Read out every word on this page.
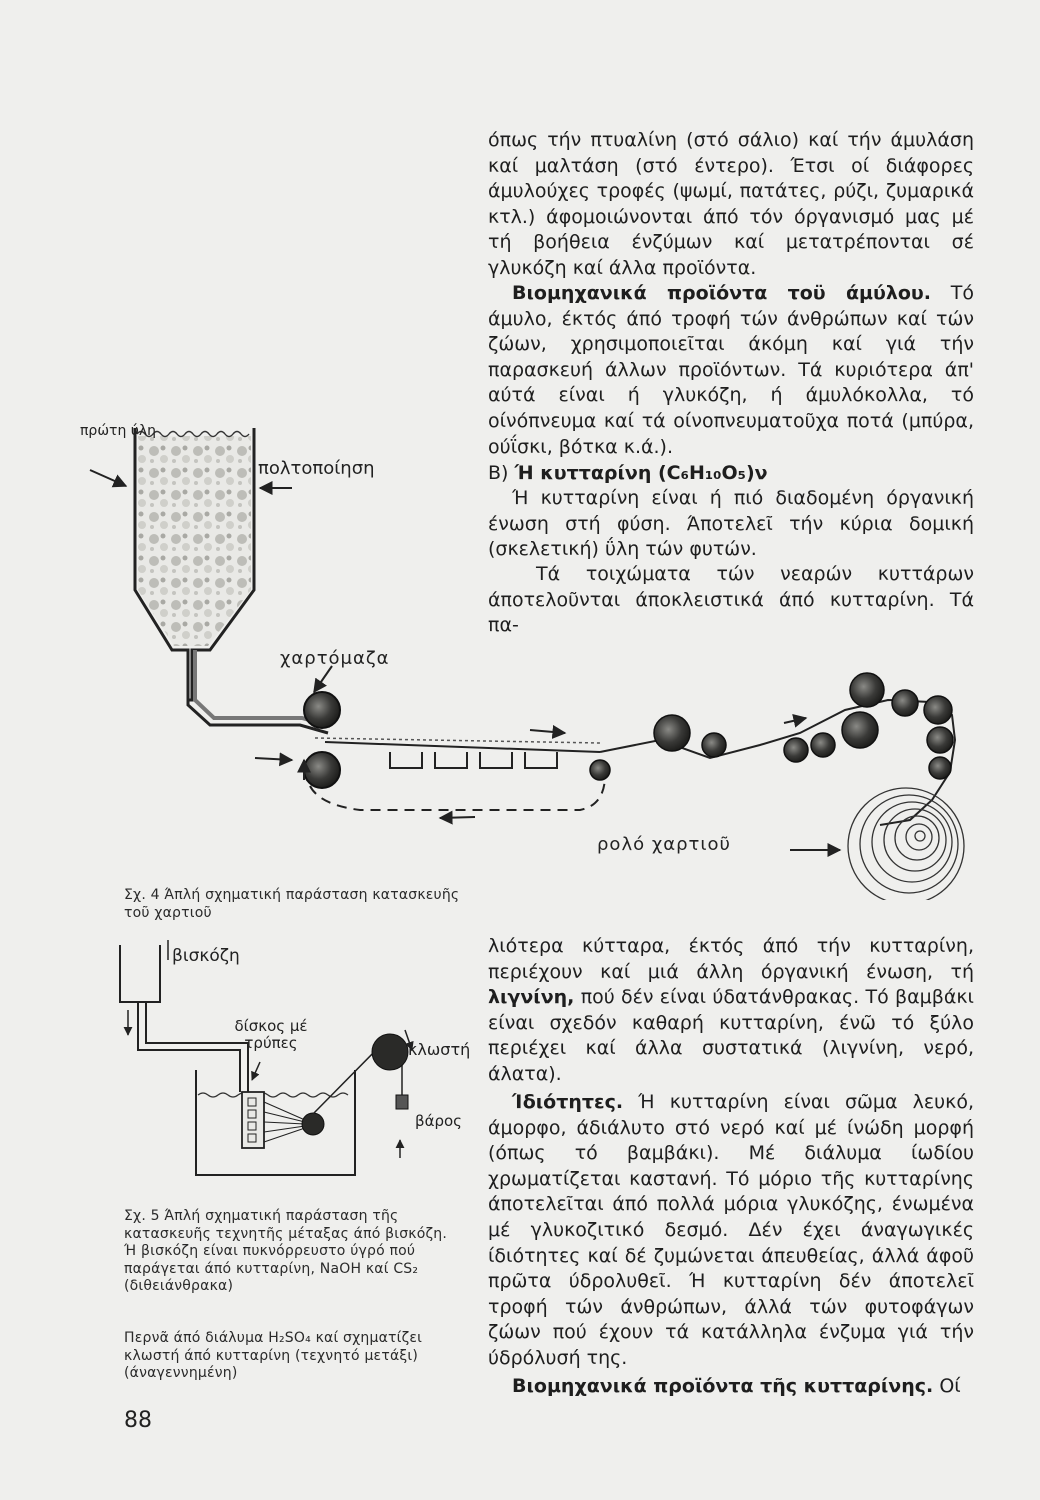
όπως τήν πτυαλίνη (στό σάλιο) καί τήν άμυλάση καί μαλτάση (στό έντερο). Έτσι οί διάφορες άμυλούχες τροφές (ψωμί, πατάτες, ρύζι, ζυμαρικά κτλ.) άφομοιώνονται άπό τόν όργανισμό μας μέ τή βοήθεια ένζύμων καί μετατρέπονται σέ γλυκόζη καί άλλα προϊόντα.

Βιομηχανικά προϊόντα τοϋ άμύλου. Τό άμυλο, έκτός άπό τροφή τών άνθρώπων καί τών ζώων, χρησιμοποιεῖται άκόμη καί γιά τήν παρασκευή άλλων προϊόντων. Τά κυριότερα άπ' αύτά είναι ή γλυκόζη, ή άμυλόκολλα, τό οίνόπνευμα καί τά οίνοπνευματοῦχα ποτά (μπύρα, ούΐσκι, βότκα κ.ά.).

Β) Ή κυτταρίνη (C₆H₁₀O₅)ν

Ή κυτταρίνη είναι ή πιό διαδομένη όργανική ένωση στή φύση. Άποτελεῖ τήν κύρια δομική (σκελετική) ΰλη τών φυτών.

Τά τοιχώματα τών νεαρών κυττάρων άποτελοῦνται άποκλειστικά άπό κυτταρίνη. Τά πα-

λιότερα κύτταρα, έκτός άπό τήν κυτταρίνη, περιέχουν καί μιά άλλη όργανική ένωση, τή λιγνίνη, πού δέν είναι ύδατάνθρακας. Τό βαμβάκι είναι σχεδόν καθαρή κυτταρίνη, ένῶ τό ξύλο περιέχει καί άλλα συστατικά (λιγνίνη, νερό, άλατα).

Ίδιότητες. Ή κυτταρίνη είναι σῶμα λευκό, άμορφο, άδιάλυτο στό νερό καί μέ ίνώδη μορφή (όπως τό βαμβάκι). Μέ διάλυμα ίωδίου χρωματίζεται καστανή. Τό μόριο τῆς κυτταρίνης άποτελεῖται άπό πολλά μόρια γλυκόζης, ένωμένα μέ γλυκοζιτικό δεσμό. Δέν έχει άναγωγικές ίδιότητες καί δέ ζυμώνεται άπευθείας, άλλά άφοῦ πρῶτα ύδρολυθεῖ. Ή κυτταρίνη δέν άποτελεῖ τροφή τών άνθρώπων, άλλά τών φυτοφάγων ζώων πού έχουν τά κατάλληλα ένζυμα γιά τήν ύδρόλυσή της.

Βιομηχανικά προϊόντα τῆς κυτταρίνης. Οί

πρώτη ύλη
πολτοποίηση
χαρτόμαζα
ρολό χαρτιοῦ

Σχ. 4 Άπλή σχηματική παράσταση κατασκευῆς τοῦ χαρτιοῦ

βισκόζη
δίσκος μέ τρύπες	κλωστή
βάρος

Σχ. 5 Άπλή σχηματική παράσταση τῆς κατασκευῆς τεχνητῆς μέταξας άπό βισκόζη. Ή βισκόζη είναι πυκνόρρευστο ύγρό πού παράγεται άπό κυτταρίνη, NaOH καί CS₂ (διθειάνθρακα)

Περνᾶ άπό διάλυμα H₂SO₄ καί σχηματίζει κλωστή άπό κυτταρίνη (τεχνητό μετάξι) (άναγεννημένη)

88
